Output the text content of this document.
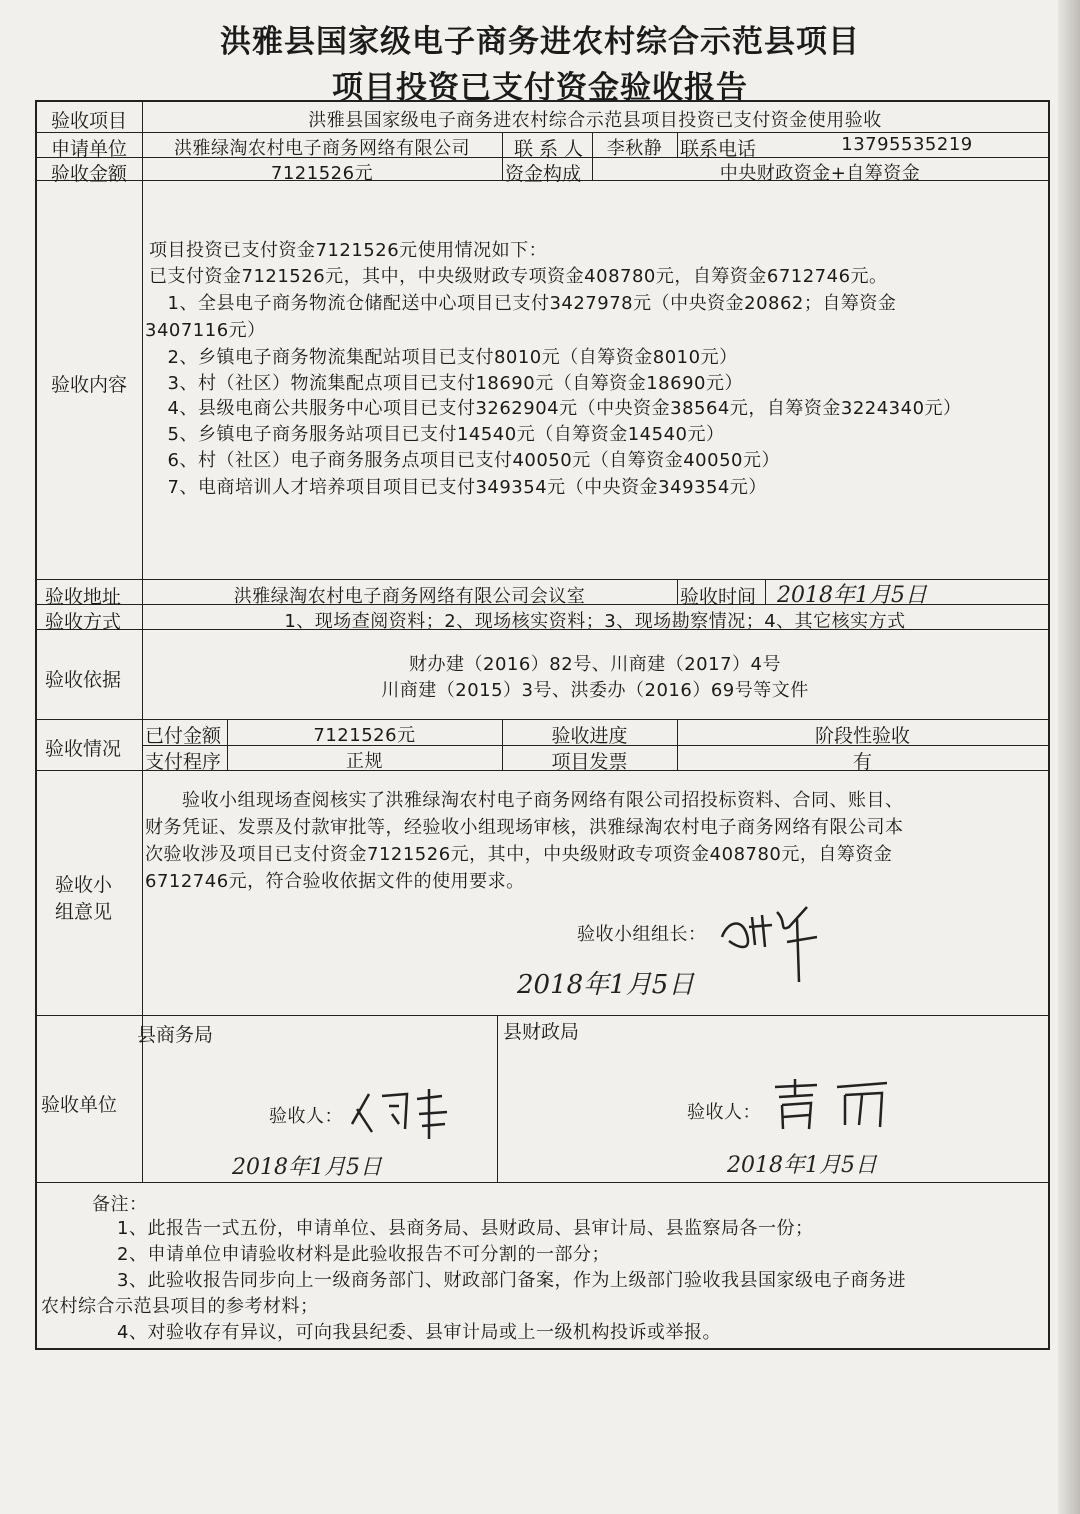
洪雅县国家级电子商务进农村综合示范县项目
项目投资已支付资金验收报告
验收项目	洪雅县国家级电子商务进农村综合示范县项目投资已支付资金使用验收
申请单位	洪雅绿淘农村电子商务网络有限公司	联 系 人	李秋静 联系电话	13795535219
验收金额	7121526元	资金构成	中央财政资金+自筹资金
验收内容
项目投资已支付资金7121526元使用情况如下：
已支付资金7121526元，其中，中央级财政专项资金408780元，自筹资金6712746元。
　1、全县电子商务物流仓储配送中心项目已支付3427978元（中央资金20862；自筹资金
3407116元）
　2、乡镇电子商务物流集配站项目已支付8010元（自筹资金8010元）
　3、村（社区）物流集配点项目已支付18690元（自筹资金18690元）
　4、县级电商公共服务中心项目已支付3262904元（中央资金38564元，自筹资金3224340元）
　5、乡镇电子商务服务站项目已支付14540元（自筹资金14540元）
　6、村（社区）电子商务服务点项目已支付40050元（自筹资金40050元）
　7、电商培训人才培养项目项目已支付349354元（中央资金349354元）
验收地址	洪雅绿淘农村电子商务网络有限公司会议室	验收时间 2018年1月5日
验收方式	1、现场查阅资料；2、现场核实资料；3、现场勘察情况；4、其它核实方式
验收依据
财办建（2016）82号、川商建（2017）4号
川商建（2015）3号、洪委办（2016）69号等文件
验收情况
已付金额	7121526元	验收进度	阶段性验收
支付程序	正规	项目发票	有
验收小
组意见
　　验收小组现场查阅核实了洪雅绿淘农村电子商务网络有限公司招投标资料、合同、账目、
财务凭证、发票及付款审批等，经验收小组现场审核，洪雅绿淘农村电子商务网络有限公司本
次验收涉及项目已支付资金7121526元，其中，中央级财政专项资金408780元，自筹资金
6712746元，符合验收依据文件的使用要求。
验收小组组长：
2018年1月5日
验收单位
县商务局	县财政局
验收人：
2018年1月5日
验收人：
2018年1月5日
备注：
1、此报告一式五份，申请单位、县商务局、县财政局、县审计局、县监察局各一份；
2、申请单位申请验收材料是此验收报告不可分割的一部分；
3、此验收报告同步向上一级商务部门、财政部门备案，作为上级部门验收我县国家级电子商务进
农村综合示范县项目的参考材料；
4、对验收存有异议，可向我县纪委、县审计局或上一级机构投诉或举报。
